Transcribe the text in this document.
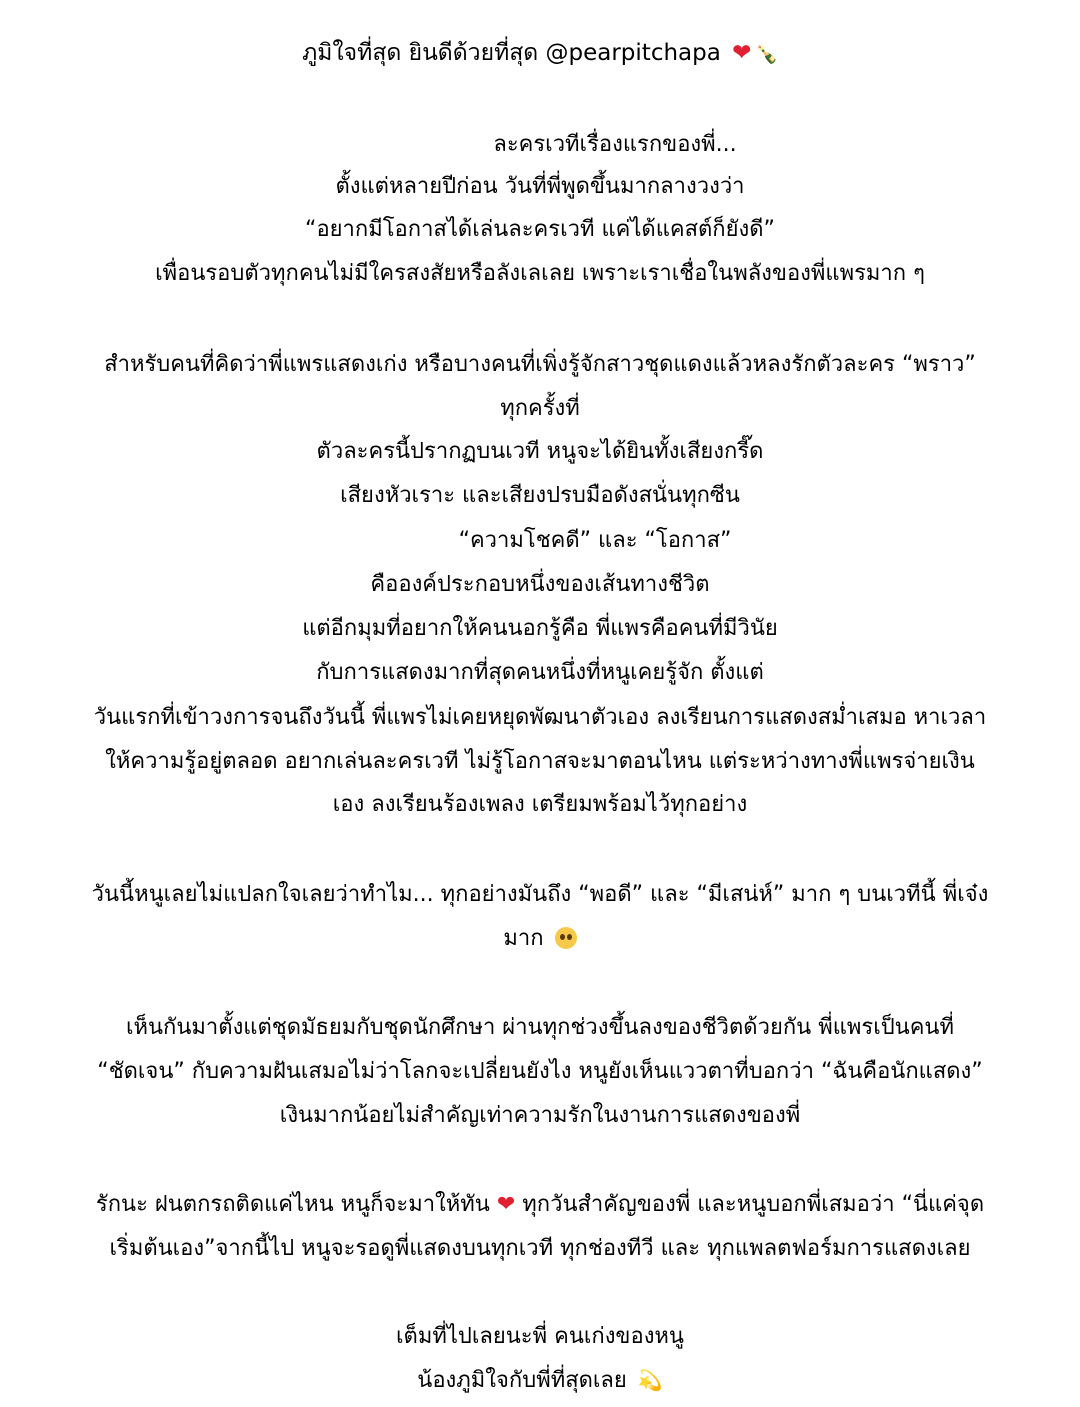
ภูมิใจที่สุด ยินดีด้วยที่สุด @pearpitchapa ❤ 🍾
ละครเวทีเรื่องแรกของพี่...
ตั้งแต่หลายปีก่อน วันที่พี่พูดขึ้นมากลางวงว่า
“อยากมีโอกาสได้เล่นละครเวที แค่ได้แคสต์ก็ยังดี”
เพื่อนรอบตัวทุกคนไม่มีใครสงสัยหรือลังเลเลย เพราะเราเชื่อในพลังของพี่แพรมาก ๆ
สำหรับคนที่คิดว่าพี่แพรแสดงเก่ง หรือบางคนที่เพิ่งรู้จักสาวชุดแดงแล้วหลงรักตัวละคร “พราว”
ทุกครั้งที่
ตัวละครนี้ปรากฏบนเวที หนูจะได้ยินทั้งเสียงกรี๊ด
เสียงหัวเราะ และเสียงปรบมือดังสนั่นทุกซีน
“ความโชคดี” และ “โอกาส”
คือองค์ประกอบหนึ่งของเส้นทางชีวิต
แต่อีกมุมที่อยากให้คนนอกรู้คือ พี่แพรคือคนที่มีวินัย
กับการแสดงมากที่สุดคนหนึ่งที่หนูเคยรู้จัก ตั้งแต่
วันแรกที่เข้าวงการจนถึงวันนี้ พี่แพรไม่เคยหยุดพัฒนาตัวเอง ลงเรียนการแสดงสม่ำเสมอ หาเวลา
ให้ความรู้อยู่ตลอด อยากเล่นละครเวที ไม่รู้โอกาสจะมาตอนไหน แต่ระหว่างทางพี่แพรจ่ายเงิน
เอง ลงเรียนร้องเพลง เตรียมพร้อมไว้ทุกอย่าง
วันนี้หนูเลยไม่แปลกใจเลยว่าทำไม... ทุกอย่างมันถึง “พอดี” และ “มีเสน่ห์” มาก ๆ บนเวทีนี้ พี่เจ๋ง
มาก
เห็นกันมาตั้งแต่ชุดมัธยมกับชุดนักศึกษา ผ่านทุกช่วงขึ้นลงของชีวิตด้วยกัน พี่แพรเป็นคนที่
“ชัดเจน” กับความฝันเสมอไม่ว่าโลกจะเปลี่ยนยังไง หนูยังเห็นแววตาที่บอกว่า “ฉันคือนักแสดง”
เงินมากน้อยไม่สำคัญเท่าความรักในงานการแสดงของพี่
รักนะ ฝนตกรถติดแค่ไหน หนูก็จะมาให้ทัน ❤ ทุกวันสำคัญของพี่ และหนูบอกพี่เสมอว่า “นี่แค่จุด
เริ่มต้นเอง”จากนี้ไป หนูจะรอดูพี่แสดงบนทุกเวที ทุกช่องทีวี และ ทุกแพลตฟอร์มการแสดงเลย
เต็มที่ไปเลยนะพี่ คนเก่งของหนู
น้องภูมิใจกับพี่ที่สุดเลย 💫
